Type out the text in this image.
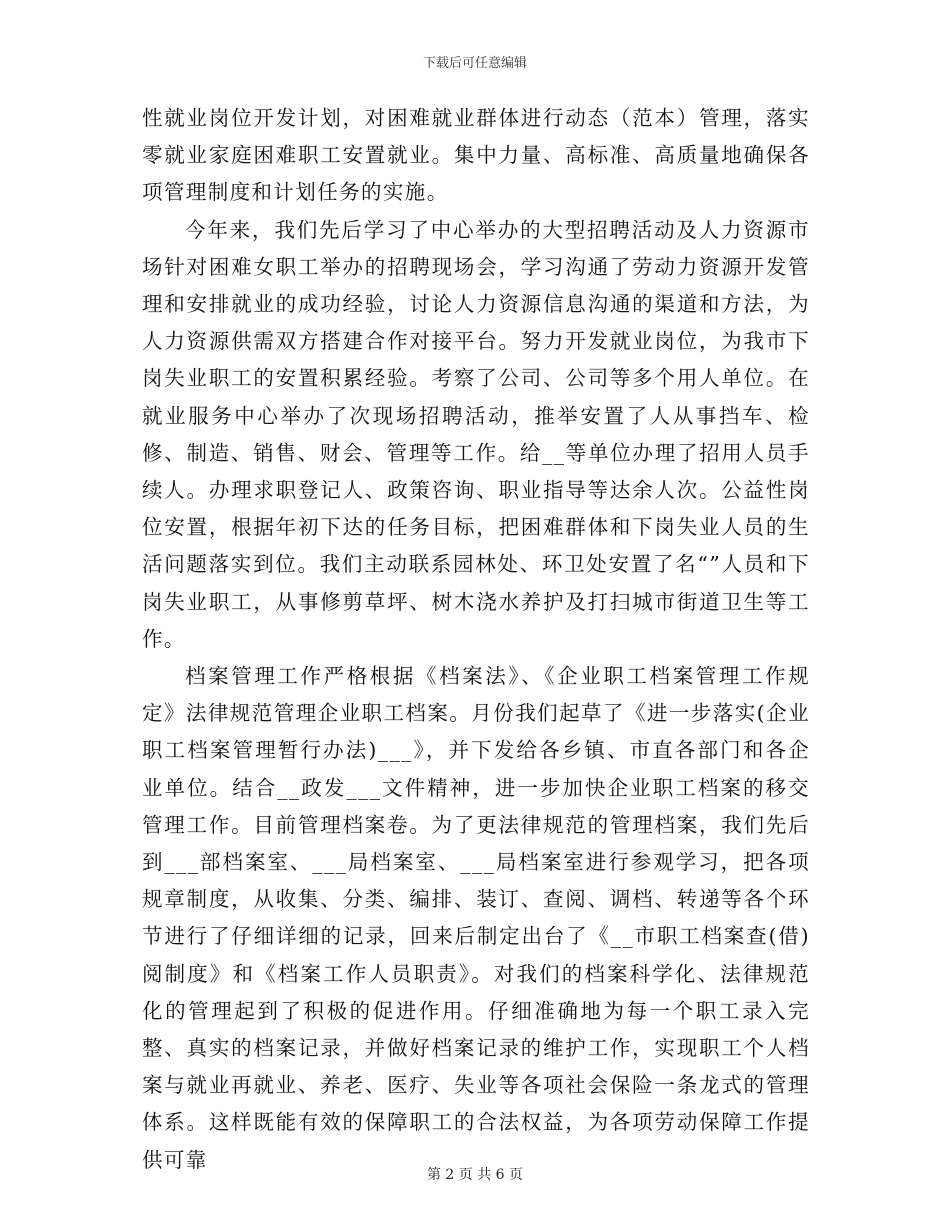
下载后可任意编辑

性就业岗位开发计划，对困难就业群体进行动态（范本）管理，落实零就业家庭困难职工安置就业。集中力量、高标准、高质量地确保各项管理制度和计划任务的实施。

今年来，我们先后学习了中心举办的大型招聘活动及人力资源市场针对困难女职工举办的招聘现场会，学习沟通了劳动力资源开发管理和安排就业的成功经验，讨论人力资源信息沟通的渠道和方法，为人力资源供需双方搭建合作对接平台。努力开发就业岗位，为我市下岗失业职工的安置积累经验。考察了公司、公司等多个用人单位。在就业服务中心举办了次现场招聘活动，推举安置了人从事挡车、检修、制造、销售、财会、管理等工作。给__等单位办理了招用人员手续人。办理求职登记人、政策咨询、职业指导等达余人次。公益性岗位安置，根据年初下达的任务目标，把困难群体和下岗失业人员的生活问题落实到位。我们主动联系园林处、环卫处安置了名“”人员和下岗失业职工，从事修剪草坪、树木浇水养护及打扫城市街道卫生等工作。

档案管理工作严格根据《档案法》、《企业职工档案管理工作规定》法律规范管理企业职工档案。月份我们起草了《进一步落实(企业职工档案管理暂行办法)___》，并下发给各乡镇、市直各部门和各企业单位。结合__政发___文件精神，进一步加快企业职工档案的移交管理工作。目前管理档案卷。为了更法律规范的管理档案，我们先后到___部档案室、___局档案室、___局档案室进行参观学习，把各项规章制度，从收集、分类、编排、装订、查阅、调档、转递等各个环节进行了仔细详细的记录，回来后制定出台了《__市职工档案查(借)阅制度》和《档案工作人员职责》。对我们的档案科学化、法律规范化的管理起到了积极的促进作用。仔细准确地为每一个职工录入完整、真实的档案记录，并做好档案记录的维护工作，实现职工个人档案与就业再就业、养老、医疗、失业等各项社会保险一条龙式的管理体系。这样既能有效的保障职工的合法权益，为各项劳动保障工作提供可靠

第 2 页 共 6 页
